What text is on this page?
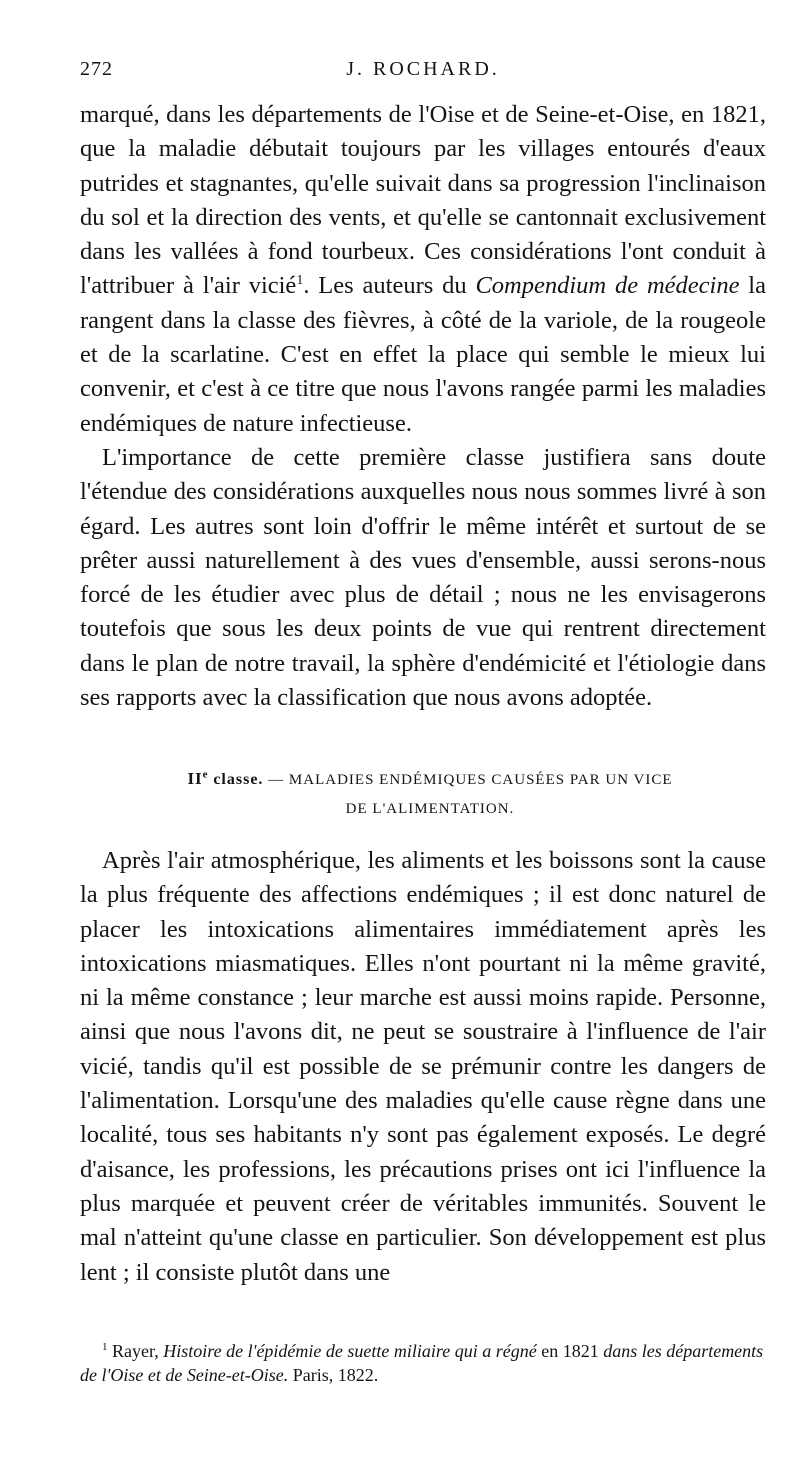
272	J. ROCHARD.

marqué, dans les départements de l'Oise et de Seine-et-Oise, en 1821, que la maladie débutait toujours par les villages entourés d'eaux putrides et stagnantes, qu'elle suivait dans sa progression l'inclinaison du sol et la direction des vents, et qu'elle se cantonnait exclusivement dans les vallées à fond tourbeux. Ces considérations l'ont conduit à l'attribuer à l'air vicié$^1$. Les auteurs du Compendium de médecine la rangent dans la classe des fièvres, à côté de la variole, de la rougeole et de la scarlatine. C'est en effet la place qui semble le mieux lui convenir, et c'est à ce titre que nous l'avons rangée parmi les maladies endémiques de nature infectieuse.

L'importance de cette première classe justifiera sans doute l'étendue des considérations auxquelles nous nous sommes livré à son égard. Les autres sont loin d'offrir le même intérêt et surtout de se prêter aussi naturellement à des vues d'ensemble, aussi serons-nous forcé de les étudier avec plus de détail ; nous ne les envisagerons toutefois que sous les deux points de vue qui rentrent directement dans le plan de notre travail, la sphère d'endémicité et l'étiologie dans ses rapports avec la classification que nous avons adoptée.

IIe classe. — MALADIES ENDÉMIQUES CAUSÉES PAR UN VICE
DE L'ALIMENTATION.

Après l'air atmosphérique, les aliments et les boissons sont la cause la plus fréquente des affections endémiques ; il est donc naturel de placer les intoxications alimentaires immédiatement après les intoxications miasmatiques. Elles n'ont pourtant ni la même gravité, ni la même constance ; leur marche est aussi moins rapide. Personne, ainsi que nous l'avons dit, ne peut se soustraire à l'influence de l'air vicié, tandis qu'il est possible de se prémunir contre les dangers de l'alimentation. Lorsqu'une des maladies qu'elle cause règne dans une localité, tous ses habitants n'y sont pas également exposés. Le degré d'aisance, les professions, les précautions prises ont ici l'influence la plus marquée et peuvent créer de véritables immunités. Souvent le mal n'atteint qu'une classe en particulier. Son développement est plus lent ; il consiste plutôt dans une

$^1$ Rayer, Histoire de l'épidémie de suette miliaire qui a régné en 1821 dans les départements de l'Oise et de Seine-et-Oise. Paris, 1822.
